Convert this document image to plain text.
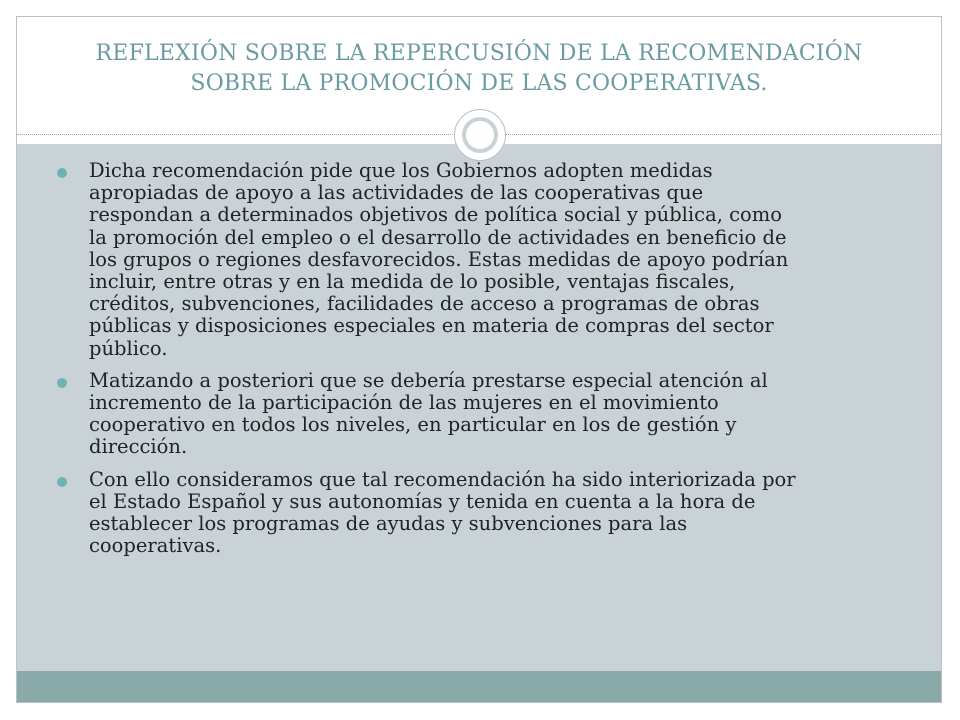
REFLEXIÓN SOBRE LA REPERCUSIÓN DE LA RECOMENDACIÓN
SOBRE LA PROMOCIÓN DE LAS COOPERATIVAS.
Dicha recomendación pide que los Gobiernos adopten medidas
apropiadas de apoyo a las actividades de las cooperativas que
respondan a determinados objetivos de política social y pública, como
la promoción del empleo o el desarrollo de actividades en beneficio de
los grupos o regiones desfavorecidos. Estas medidas de apoyo podrían
incluir, entre otras y en la medida de lo posible, ventajas fiscales,
créditos, subvenciones, facilidades de acceso a programas de obras
públicas y disposiciones especiales en materia de compras del sector
público.
Matizando a posteriori que se debería prestarse especial atención al
incremento de la participación de las mujeres en el movimiento
cooperativo en todos los niveles, en particular en los de gestión y
dirección.
Con ello consideramos que tal recomendación ha sido interiorizada por
el Estado Español y sus autonomías y tenida en cuenta a la hora de
establecer los programas de ayudas y subvenciones para las
cooperativas.
